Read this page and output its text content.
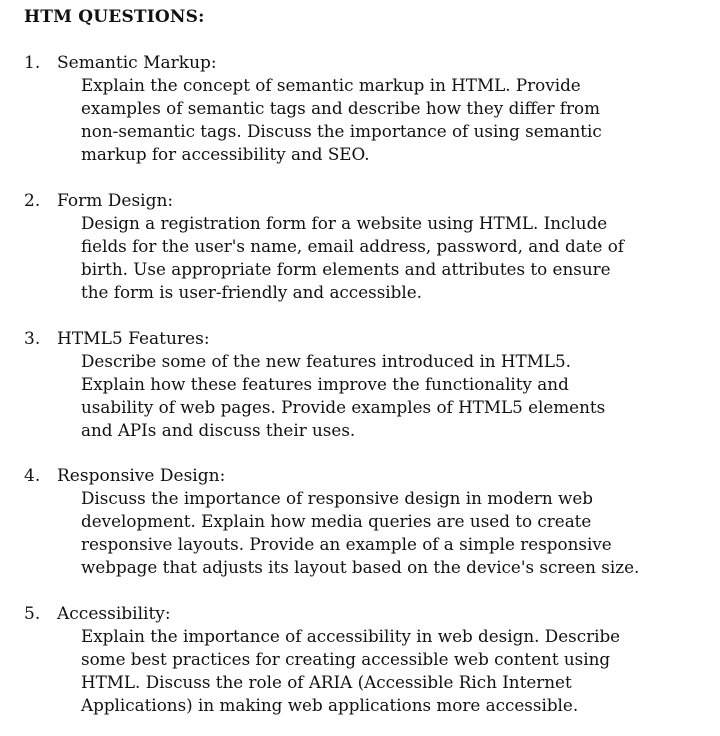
HTM QUESTIONS:
1. Semantic Markup:
Explain the concept of semantic markup in HTML. Provide
examples of semantic tags and describe how they differ from
non-semantic tags. Discuss the importance of using semantic
markup for accessibility and SEO.
2. Form Design:
Design a registration form for a website using HTML. Include
fields for the user's name, email address, password, and date of
birth. Use appropriate form elements and attributes to ensure
the form is user-friendly and accessible.
3. HTML5 Features:
Describe some of the new features introduced in HTML5.
Explain how these features improve the functionality and
usability of web pages. Provide examples of HTML5 elements
and APIs and discuss their uses.
4. Responsive Design:
Discuss the importance of responsive design in modern web
development. Explain how media queries are used to create
responsive layouts. Provide an example of a simple responsive
webpage that adjusts its layout based on the device's screen size.
5. Accessibility:
Explain the importance of accessibility in web design. Describe
some best practices for creating accessible web content using
HTML. Discuss the role of ARIA (Accessible Rich Internet
Applications) in making web applications more accessible.
